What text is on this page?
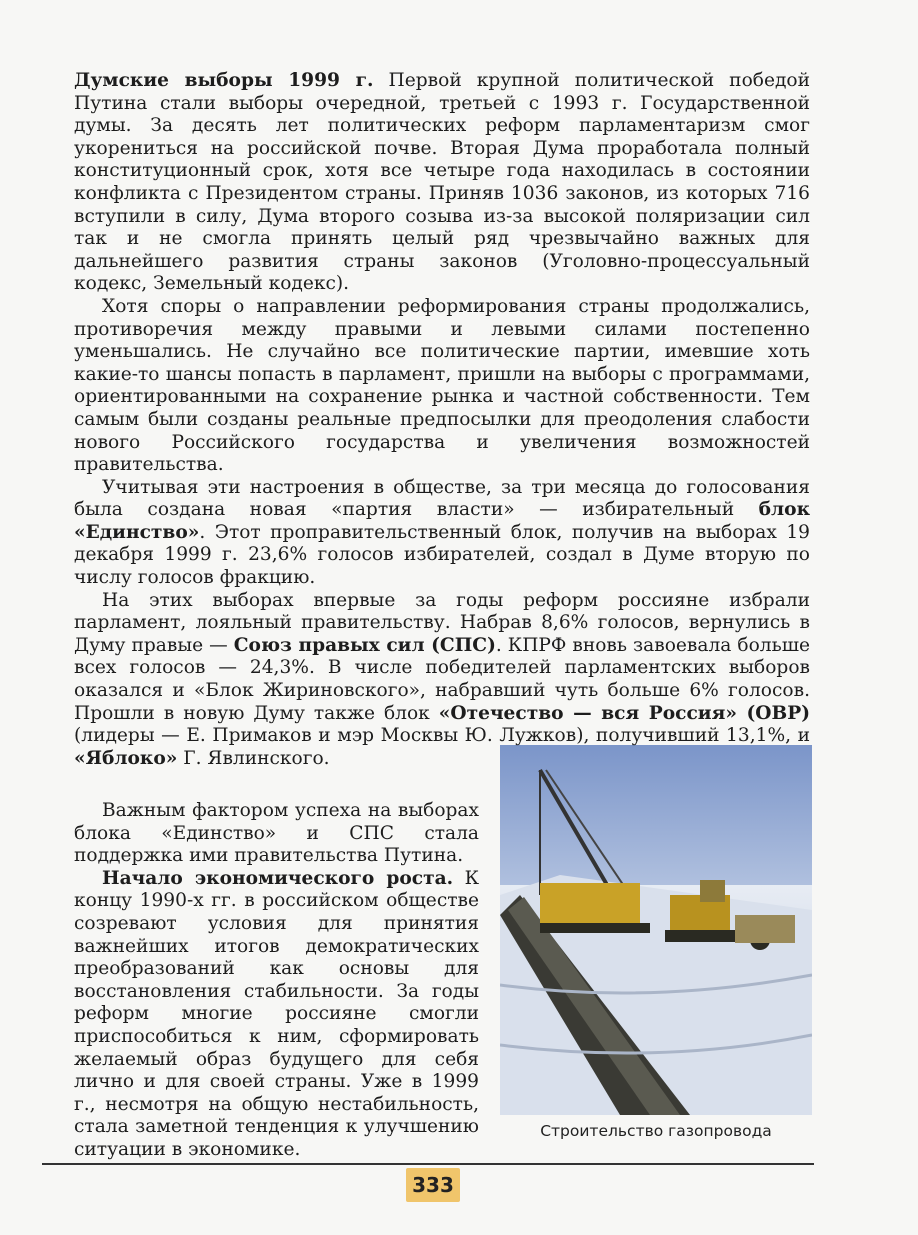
Думские выборы 1999 г. Первой крупной политической победой Путина стали выборы очередной, третьей с 1993 г. Государственной думы. За десять лет политических реформ парламентаризм смог укорениться на российской почве. Вторая Дума проработала полный конституционный срок, хотя все четыре года находилась в состоянии конфликта с Президентом страны. Приняв 1036 законов, из которых 716 вступили в силу, Дума второго созыва из-за высокой поляризации сил так и не смогла принять целый ряд чрезвычайно важных для дальнейшего развития страны законов (Уголовно-процессуальный кодекс, Земельный кодекс).

Хотя споры о направлении реформирования страны продолжались, противоречия между правыми и левыми силами постепенно уменьшались. Не случайно все политические партии, имевшие хоть какие-то шансы попасть в парламент, пришли на выборы с программами, ориентированными на сохранение рынка и частной собственности. Тем самым были созданы реальные предпосылки для преодоления слабости нового Российского государства и увеличения возможностей правительства.

Учитывая эти настроения в обществе, за три месяца до голосования была создана новая «партия власти» — избирательный блок «Единство». Этот проправительственный блок, получив на выборах 19 декабря 1999 г. 23,6% голосов избирателей, создал в Думе вторую по числу голосов фракцию.

На этих выборах впервые за годы реформ россияне избрали парламент, лояльный правительству. Набрав 8,6% голосов, вернулись в Думу правые — Союз правых сил (СПС). КПРФ вновь завоевала больше всех голосов — 24,3%. В числе победителей парламентских выборов оказался и «Блок Жириновского», набравший чуть больше 6% голосов. Прошли в новую Думу также блок «Отечество — вся Россия» (ОВР) (лидеры — Е. Примаков и мэр Москвы Ю. Лужков), получивший 13,1%, и «Яблоко» Г. Явлинского.

Важным фактором успеха на выборах блока «Единство» и СПС стала поддержка ими правительства Путина.

Начало экономического роста. К концу 1990-х гг. в российском обществе созревают условия для принятия важнейших итогов демократических преобразований как основы для восстановления стабильности. За годы реформ многие россияне смогли приспособиться к ним, сформировать желаемый образ будущего для себя лично и для своей страны. Уже в 1999 г., несмотря на общую нестабильность, стала заметной тенденция к улучшению ситуации в экономике.

Строительство газопровода
333
